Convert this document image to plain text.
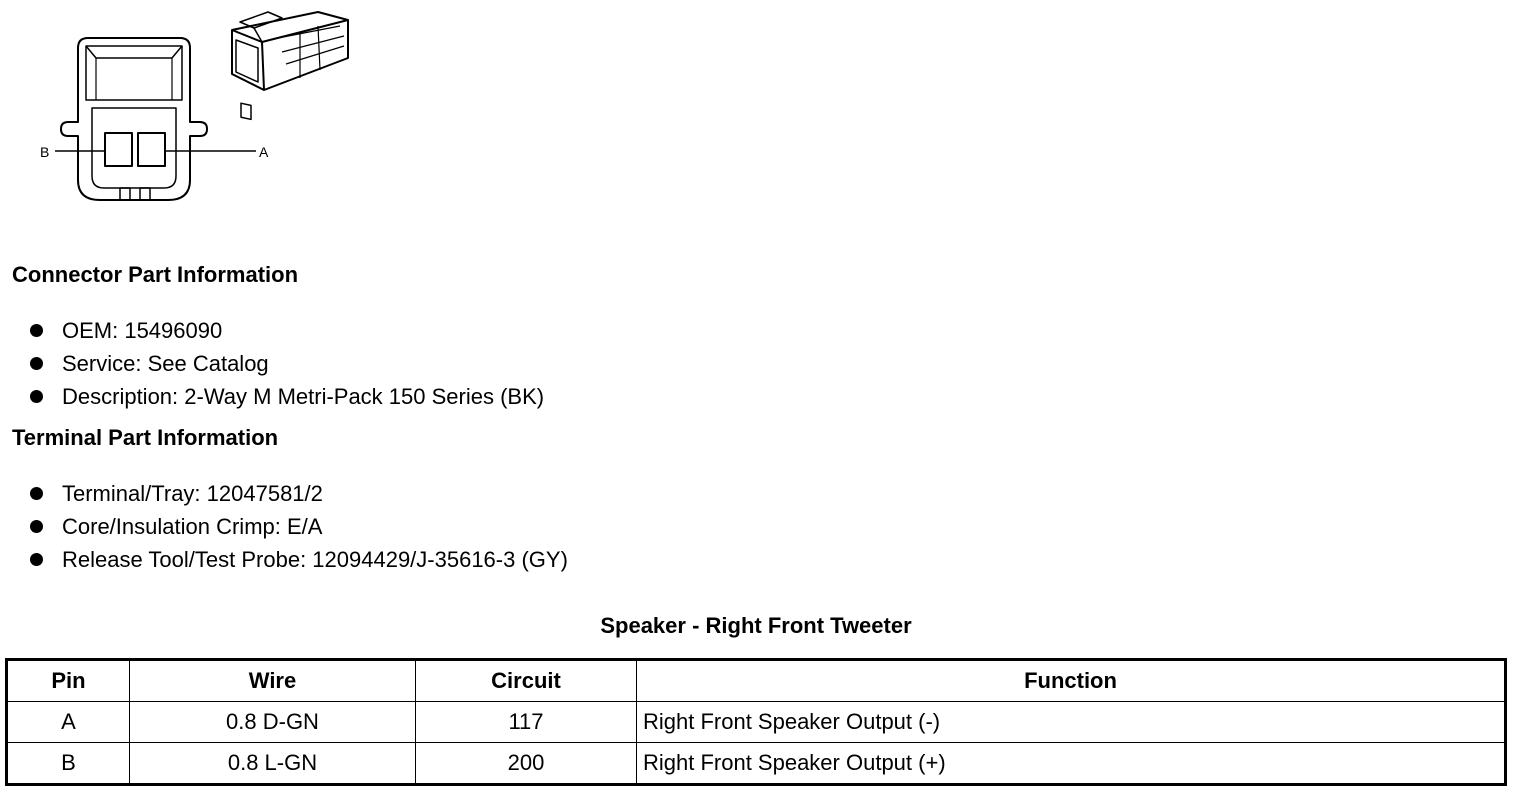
B	A
Connector Part Information
OEM: 15496090
Service: See Catalog
Description: 2-Way M Metri-Pack 150 Series (BK)
Terminal Part Information
Terminal/Tray: 12047581/2
Core/Insulation Crimp: E/A
Release Tool/Test Probe: 12094429/J-35616-3 (GY)
Speaker - Right Front Tweeter
Pin	Wire	Circuit	Function
A	0.8 D-GN	117	Right Front Speaker Output (-)
B	0.8 L-GN	200	Right Front Speaker Output (+)
